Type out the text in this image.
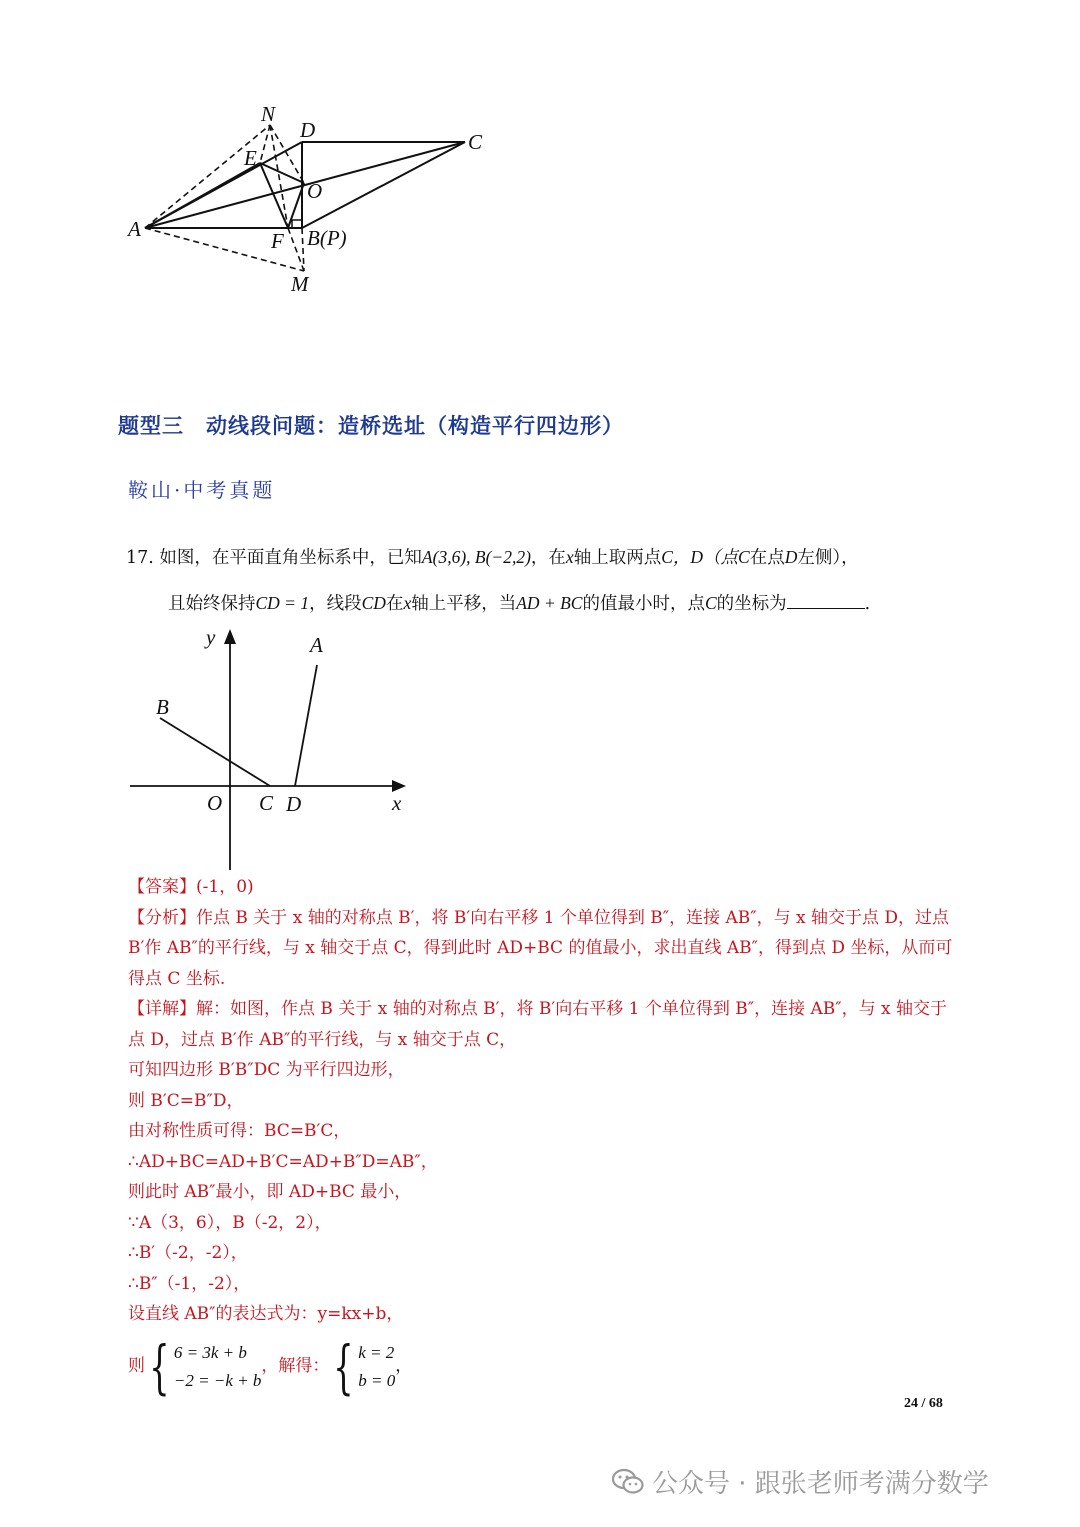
N
D	C
E
O
A	F B(P)
M
题型三 动线段问题：造桥选址（构造平行四边形）
鞍山·中考真题
17. 如图，在平面直角坐标系中，已知A(3,6), B(−2,2)，在x轴上取两点C，D（点C在点D左侧），
且始终保持CD = 1，线段CD在x轴上平移，当AD + BC的值最小时，点C的坐标为	.
y
x
O
A
B
C D

【答案】(-1，0)

【分析】作点 B 关于 x 轴的对称点 B′，将 B′向右平移 1 个单位得到 B″，连接 AB″，与 x 轴交于点 D，过点 B′作 AB″的平行线，与 x 轴交于点 C，得到此时 AD+BC 的值最小，求出直线 AB″，得到点 D 坐标，从而可得点 C 坐标.

【详解】解：如图，作点 B 关于 x 轴的对称点 B′，将 B′向右平移 1 个单位得到 B″，连接 AB″，与 x 轴交于点 D，过点 B′作 AB″的平行线，与 x 轴交于点 C，

可知四边形 B′B″DC 为平行四边形，

则 B′C=B″D，

由对称性质可得：BC=B′C，

∴AD+BC=AD+B′C=AD+B″D=AB″，

则此时 AB″最小，即 AD+BC 最小，

∵A（3，6），B（-2，2），

∴B′（-2，-2），

∴B″（-1，-2），

设直线 AB″的表达式为：y=kx+b，

则 { 6 = 3k + b
−2 = −k + b
，解得： { k = 2
b = 0
，
24 / 68
公众号 · 跟张老师考满分数学
